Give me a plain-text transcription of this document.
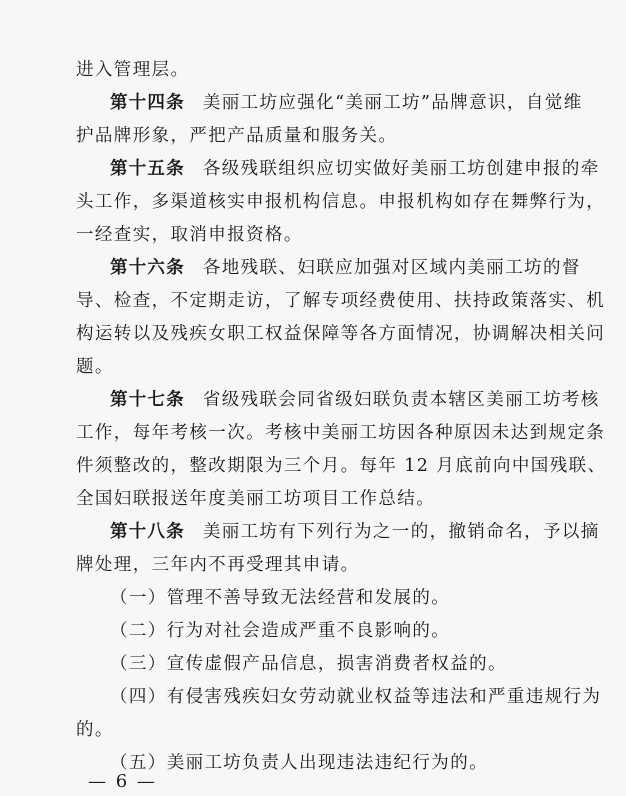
进入管理层。
第十四条 美丽工坊应强化“美丽工坊”品牌意识，自觉维
护品牌形象，严把产品质量和服务关。
第十五条 各级残联组织应切实做好美丽工坊创建申报的牵
头工作，多渠道核实申报机构信息。申报机构如存在舞弊行为，
一经查实，取消申报资格。
第十六条 各地残联、妇联应加强对区域内美丽工坊的督
导、检查，不定期走访，了解专项经费使用、扶持政策落实、机
构运转以及残疾女职工权益保障等各方面情况，协调解决相关问
题。
第十七条 省级残联会同省级妇联负责本辖区美丽工坊考核
工作，每年考核一次。考核中美丽工坊因各种原因未达到规定条
件须整改的，整改期限为三个月。每年 12 月底前向中国残联、
全国妇联报送年度美丽工坊项目工作总结。
第十八条 美丽工坊有下列行为之一的，撤销命名，予以摘
牌处理，三年内不再受理其申请。
（一）管理不善导致无法经营和发展的。
（二）行为对社会造成严重不良影响的。
（三）宣传虚假产品信息，损害消费者权益的。
（四）有侵害残疾妇女劳动就业权益等违法和严重违规行为
的。
（五）美丽工坊负责人出现违法违纪行为的。
— 6 —
